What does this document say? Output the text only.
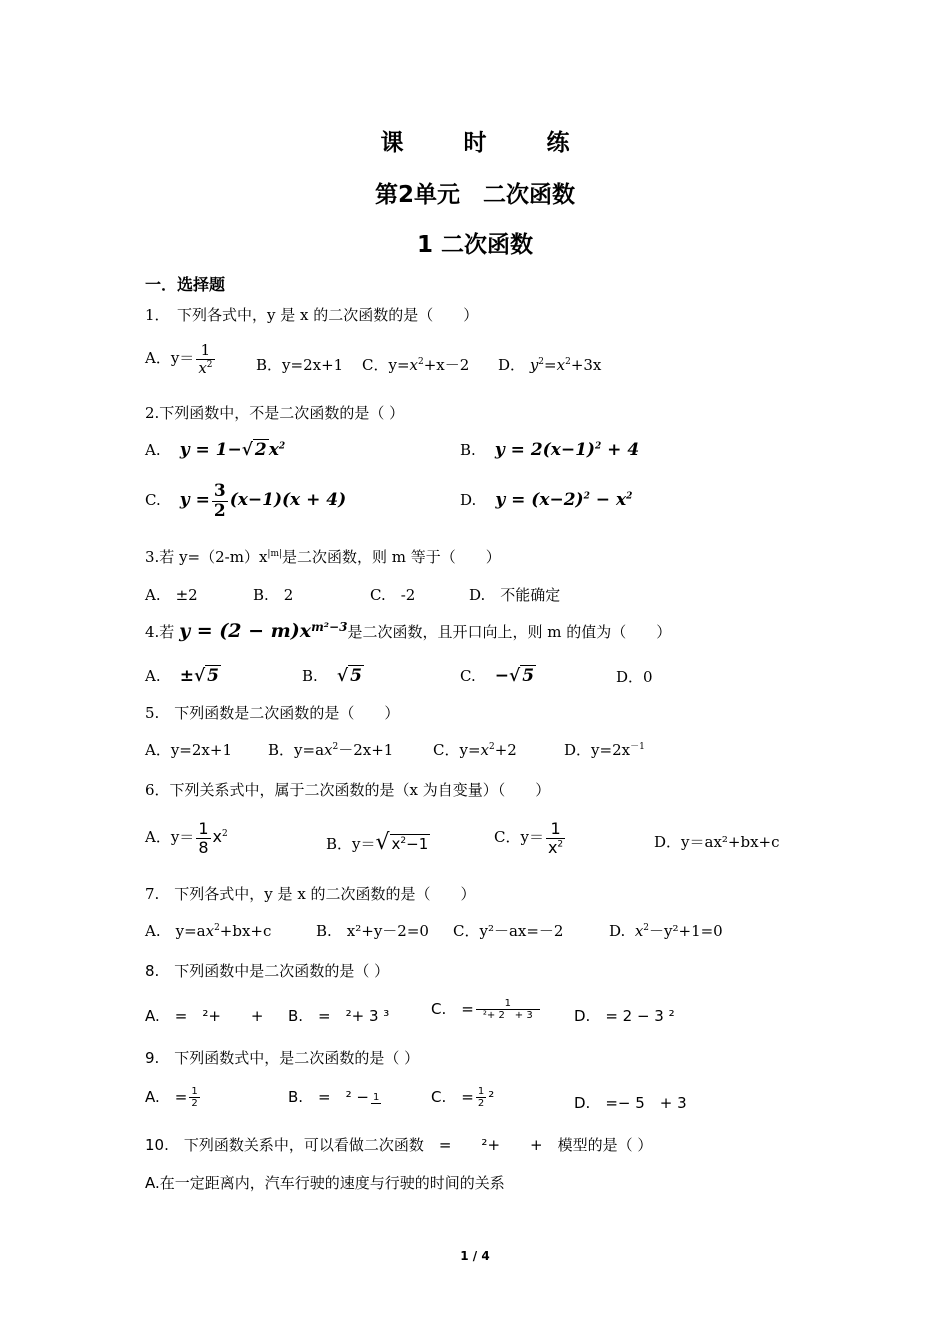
课 时 练
第2单元　二次函数
1 二次函数
一．选择题
1．　下列各式中，y 是 x 的二次函数的是（　　）
A．$y= \frac{1}{x^2}$	B．y=2x+1 C．$y=x^2+x-2$ D． $y^2=x^2+3x$
2.下列函数中，不是二次函数的是（ ）
A. y = 1−√ 2 $x^2$	B. $y = 2(x-1)^2 + 4$
C. $y = \frac{3}{2} (x-1)(x + 4)$	D. $y = (x-2)^2 - x^2$
3.若 $y=(2-m)x^{|m|}$是二次函数，则 m 等于（　　）
A.　±2	B.　2	C.　-2	D.　不能确定
4.若 $y = (2 - m)x^{m^2-3}$是二次函数，且开口向上，则 m 的值为（　　）
A. ±√ 5	B. √ 5	C. −√ 5	D．0
5.　下列函数是二次函数的是（　　）
A．y=2x+1 B．$y=ax^2-2x+1$	C．$y=x^2+2$	D．$y=2x^{-1}$
6．下列关系式中，属于二次函数的是（x 为自变量）（　　）
A．$y= \frac{1}{8} x^2$
B．y＝√ $x^2-1$	C．$y= \frac{1}{x^2}$	D．y＝ax²+bx+c
7.　下列各式中，y 是 x 的二次函数的是（　　）
A.　$y=ax^2+bx+c$	B.　x²+y－2=0 C．y²－ax=－2	D. $x^2-y^2+1=0$
8.　下列函数中是二次函数的是（ ）
A.　=　²+　　+ B.　=　²+ 3 ³	C.　= $\frac{1}{\text{²+ 2　+ 3}} D$.　= 2 − 3 ²
9.　下列函数式中，是二次函数的是（ ）
A.　= $\frac{1}{2}$	B.　=　² − 1	C.　= $\frac{1}{2} ^2$	D.　=− 5　+ 3
10.　下列函数关系中，可以看做二次函数　=　　²+　　+　模型的是（ ）
A.在一定距离内，汽车行驶的速度与行驶的时间的关系
1 / 4
